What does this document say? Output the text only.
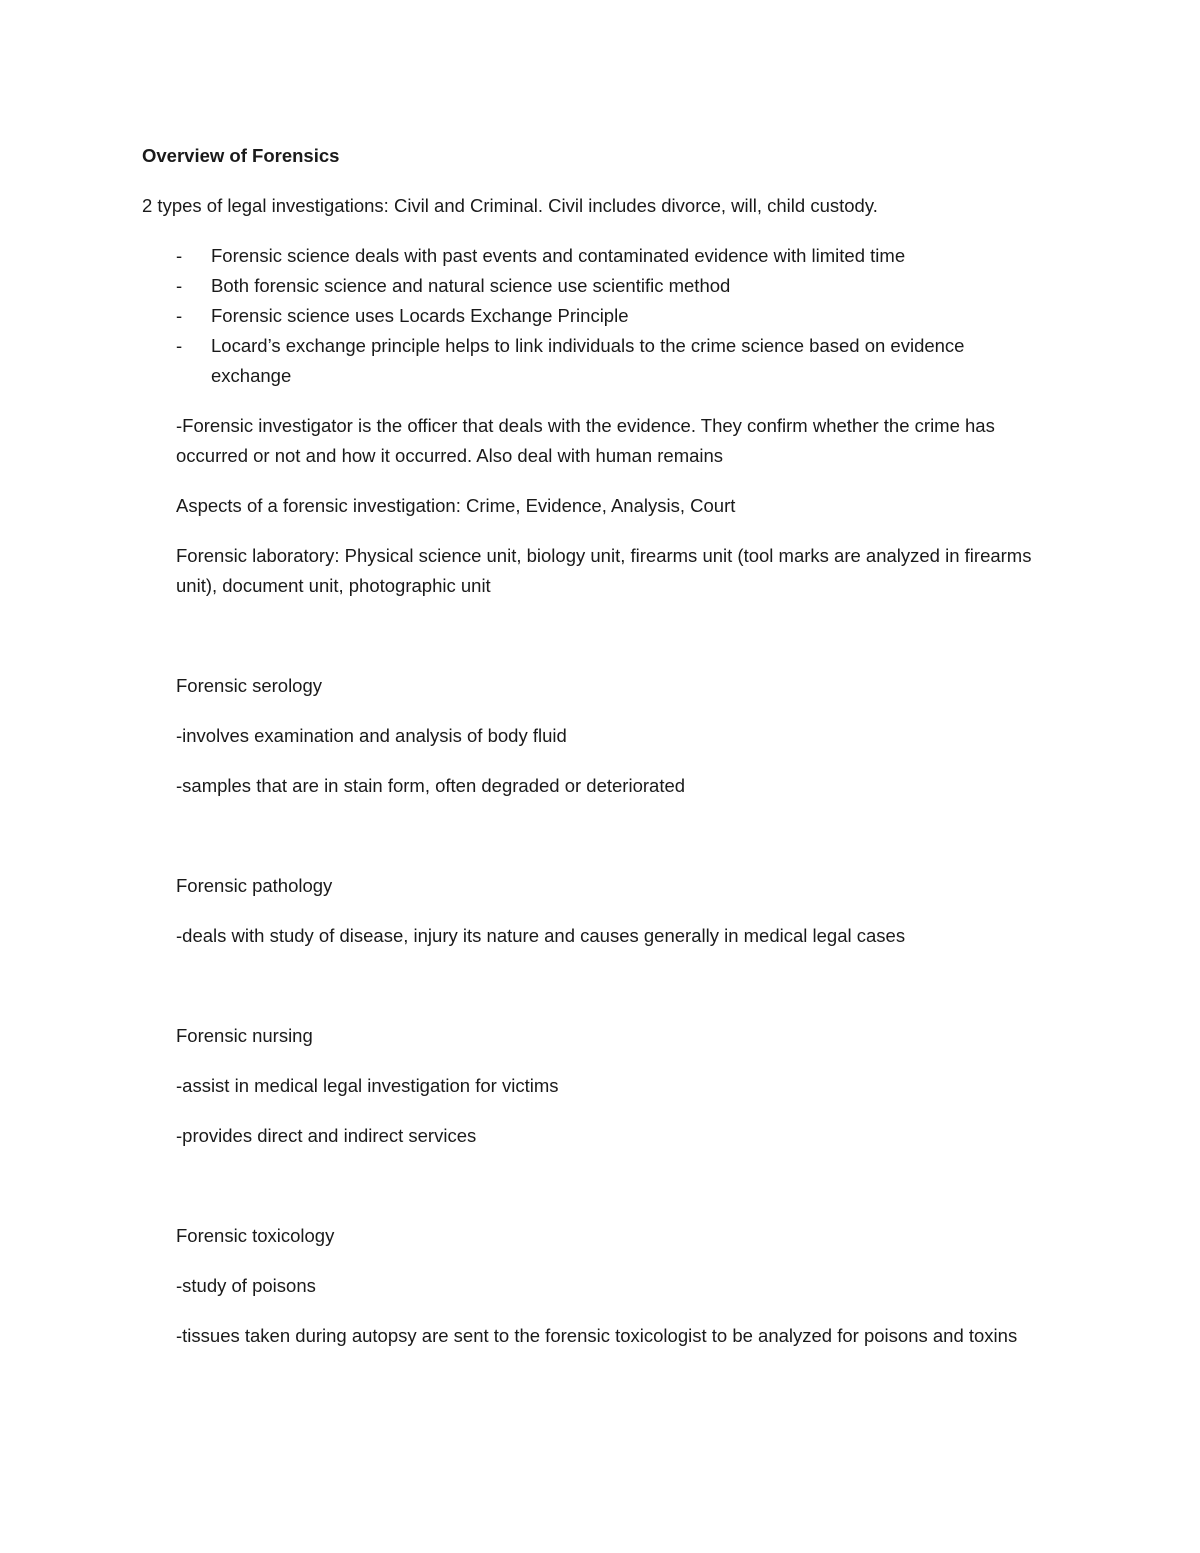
Overview of Forensics
2 types of legal investigations: Civil and Criminal. Civil includes divorce, will, child custody.
- Forensic science deals with past events and contaminated evidence with limited time
- Both forensic science and natural science use scientific method
- Forensic science uses Locards Exchange Principle
- Locard’s exchange principle helps to link individuals to the crime science based on evidence exchange
-Forensic investigator is the officer that deals with the evidence. They confirm whether the crime has occurred or not and how it occurred. Also deal with human remains
Aspects of a forensic investigation: Crime, Evidence, Analysis, Court
Forensic laboratory: Physical science unit, biology unit, firearms unit (tool marks are analyzed in firearms unit), document unit, photographic unit
Forensic serology
-involves examination and analysis of body fluid
-samples that are in stain form, often degraded or deteriorated
Forensic pathology
-deals with study of disease, injury its nature and causes generally in medical legal cases
Forensic nursing
-assist in medical legal investigation for victims
-provides direct and indirect services
Forensic toxicology
-study of poisons
-tissues taken during autopsy are sent to the forensic toxicologist to be analyzed for poisons and toxins
